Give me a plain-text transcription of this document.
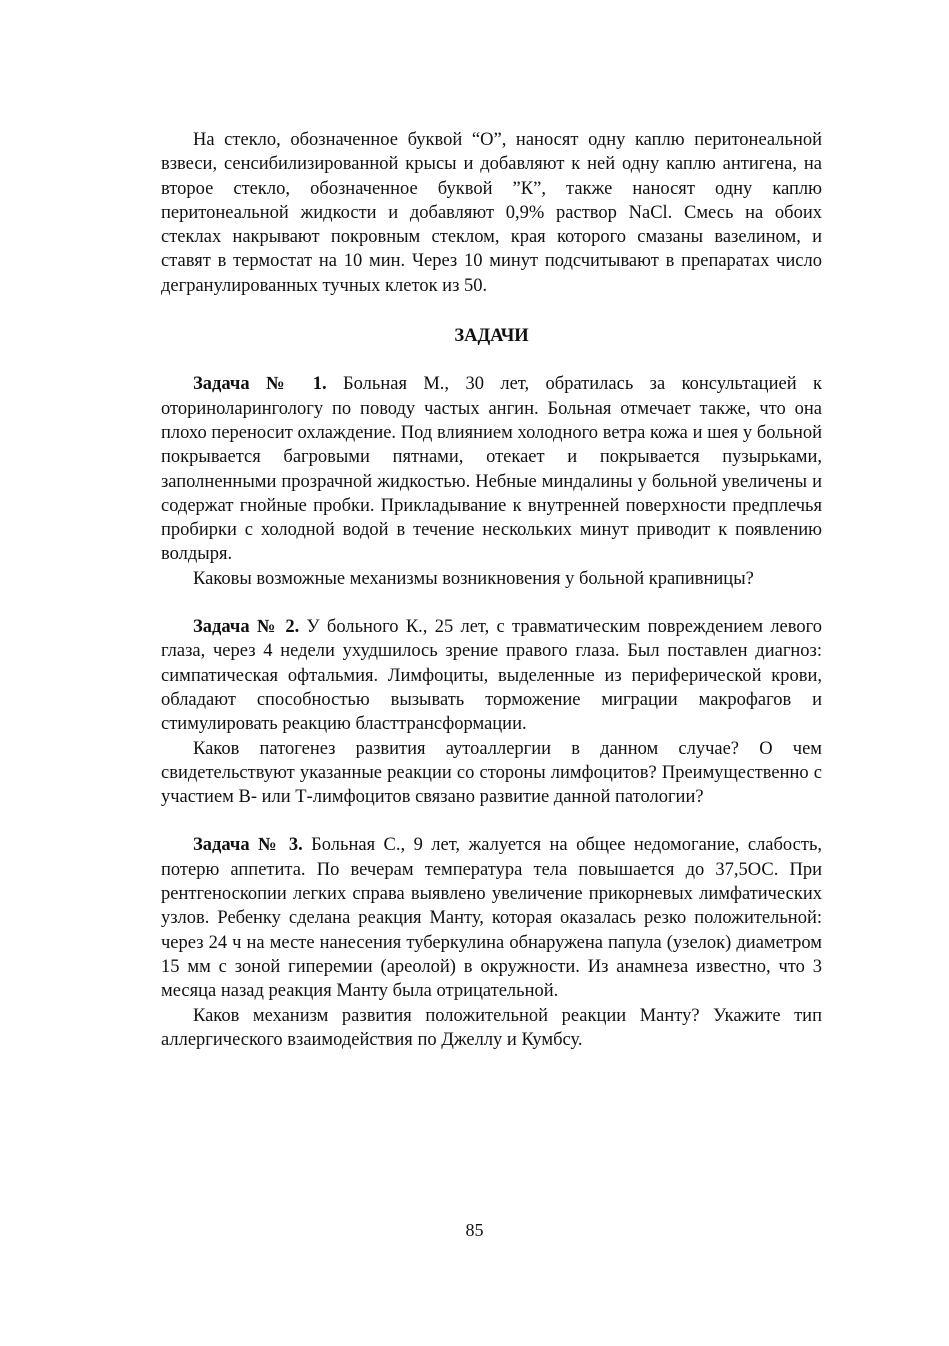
На стекло, обозначенное буквой “О”, наносят одну каплю перитонеальной взвеси, сенсибилизированной крысы и добавляют к ней одну каплю антигена, на второе стекло, обозначенное буквой ”К”, также наносят одну каплю перитонеальной жидкости и добавляют 0,9% раствор NaCl. Смесь на обоих стеклах накрывают покровным стеклом, края которого смазаны вазелином, и ставят в термостат на 10 мин. Через 10 минут подсчитывают в препаратах число дегранулированных тучных клеток из 50.

ЗАДАЧИ

Задача № 1. Больная М., 30 лет, обратилась за консультацией к оториноларингологу по поводу частых ангин. Больная отмечает также, что она плохо переносит охлаждение. Под влиянием холодного ветра кожа и шея у больной покрывается багровыми пятнами, отекает и покрывается пузырьками, заполненными прозрачной жидкостью. Небные миндалины у больной увеличены и содержат гнойные пробки. Прикладывание к внутренней поверхности предплечья пробирки с холодной водой в течение нескольких минут приводит к появлению волдыря.

Каковы возможные механизмы возникновения у больной крапивницы?

Задача № 2. У больного К., 25 лет, с травматическим повреждением левого глаза, через 4 недели ухудшилось зрение правого глаза. Был поставлен диагноз: симпатическая офтальмия. Лимфоциты, выделенные из периферической крови, обладают способностью вызывать торможение миграции макрофагов и стимулировать реакцию бласттрансформации.

Каков патогенез развития аутоаллергии в данном случае? О чем свидетельствуют указанные реакции со стороны лимфоцитов? Преимущественно с участием В- или Т-лимфоцитов связано развитие данной патологии?

Задача № 3. Больная С., 9 лет, жалуется на общее недомогание, слабость, потерю аппетита. По вечерам температура тела повышается до 37,5ОС. При рентгеноскопии легких справа выявлено увеличение прикорневых лимфатических узлов. Ребенку сделана реакция Манту, которая оказалась резко положительной: через 24 ч на месте нанесения туберкулина обнаружена папула (узелок) диаметром 15 мм с зоной гиперемии (ареолой) в окружности. Из анамнеза известно, что 3 месяца назад реакция Манту была отрицательной.

Каков механизм развития положительной реакции Манту? Укажите тип аллергического взаимодействия по Джеллу и Кумбсу.

85
